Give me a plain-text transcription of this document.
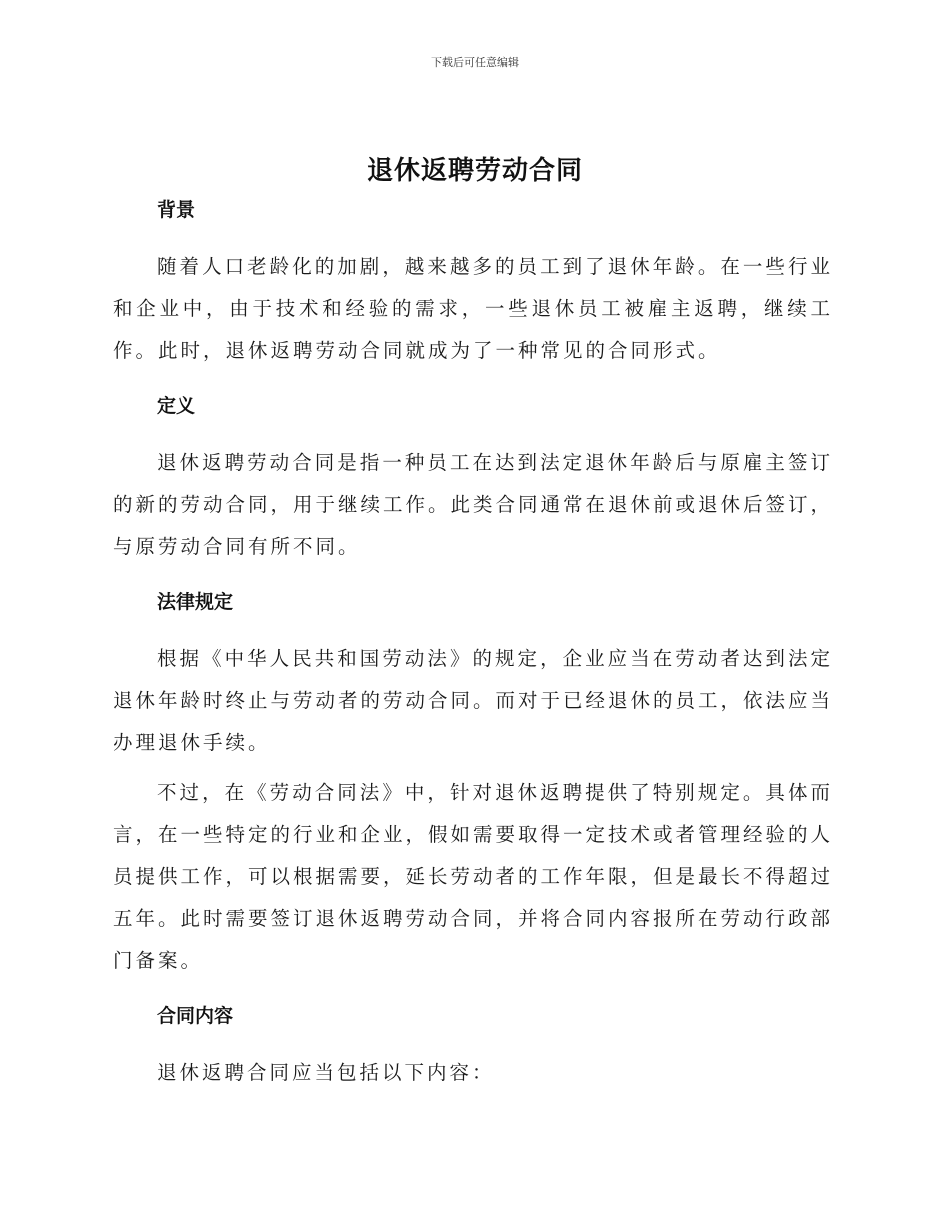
下载后可任意编辑
退休返聘劳动合同
背景

随着人口老龄化的加剧，越来越多的员工到了退休年龄。在一些行业和企业中，由于技术和经验的需求，一些退休员工被雇主返聘，继续工作。此时，退休返聘劳动合同就成为了一种常见的合同形式。

定义

退休返聘劳动合同是指一种员工在达到法定退休年龄后与原雇主签订的新的劳动合同，用于继续工作。此类合同通常在退休前或退休后签订，与原劳动合同有所不同。

法律规定

根据《中华人民共和国劳动法》的规定，企业应当在劳动者达到法定退休年龄时终止与劳动者的劳动合同。而对于已经退休的员工，依法应当办理退休手续。

不过，在《劳动合同法》中，针对退休返聘提供了特别规定。具体而言，在一些特定的行业和企业，假如需要取得一定技术或者管理经验的人员提供工作，可以根据需要，延长劳动者的工作年限，但是最长不得超过五年。此时需要签订退休返聘劳动合同，并将合同内容报所在劳动行政部门备案。

合同内容

退休返聘合同应当包括以下内容：
